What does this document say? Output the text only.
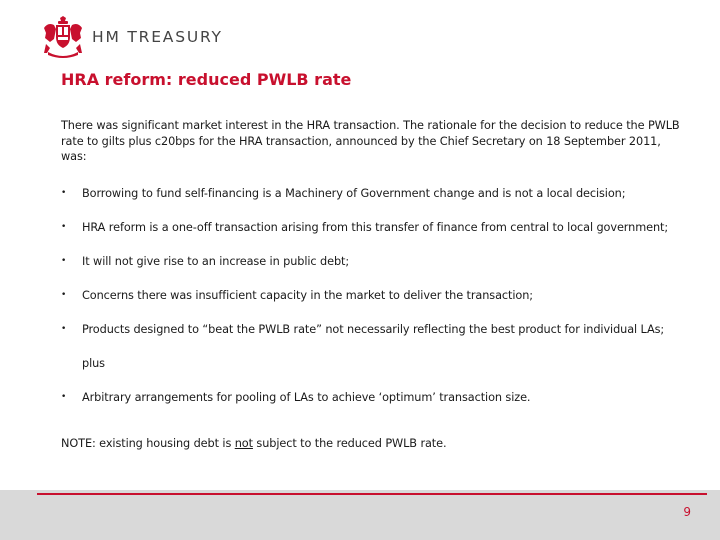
HM TREASURY
HRA reform: reduced PWLB rate

There was significant market interest in the HRA transaction. The rationale for the decision to reduce the PWLB rate to gilts plus c20bps for the HRA transaction, announced by the Chief Secretary on 18 September 2011, was:

• Borrowing to fund self-financing is a Machinery of Government change and is not a local decision;
• HRA reform is a one-off transaction arising from this transfer of finance from central to local government;
• It will not give rise to an increase in public debt;
• Concerns there was insufficient capacity in the market to deliver the transaction;
• Products designed to “beat the PWLB rate” not necessarily reflecting the best product for individual LAs;
plus
• Arbitrary arrangements for pooling of LAs to achieve ‘optimum’ transaction size.

NOTE: existing housing debt is not subject to the reduced PWLB rate.

9
